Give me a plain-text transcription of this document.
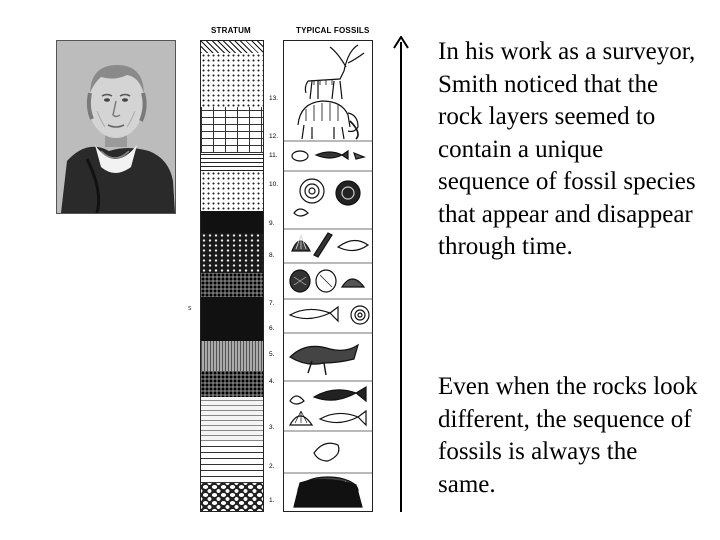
s
STRATUM	TYPICAL FOSSILS
13.
12.
11.
10.
9.
8.
7.
6.
5.
4.
3.
2.
1.

In his work as a surveyor, Smith noticed that the rock layers seemed to contain a unique sequence of fossil species that appear and disappear through time.

Even when the rocks look different, the sequence of fossils is always the same.
